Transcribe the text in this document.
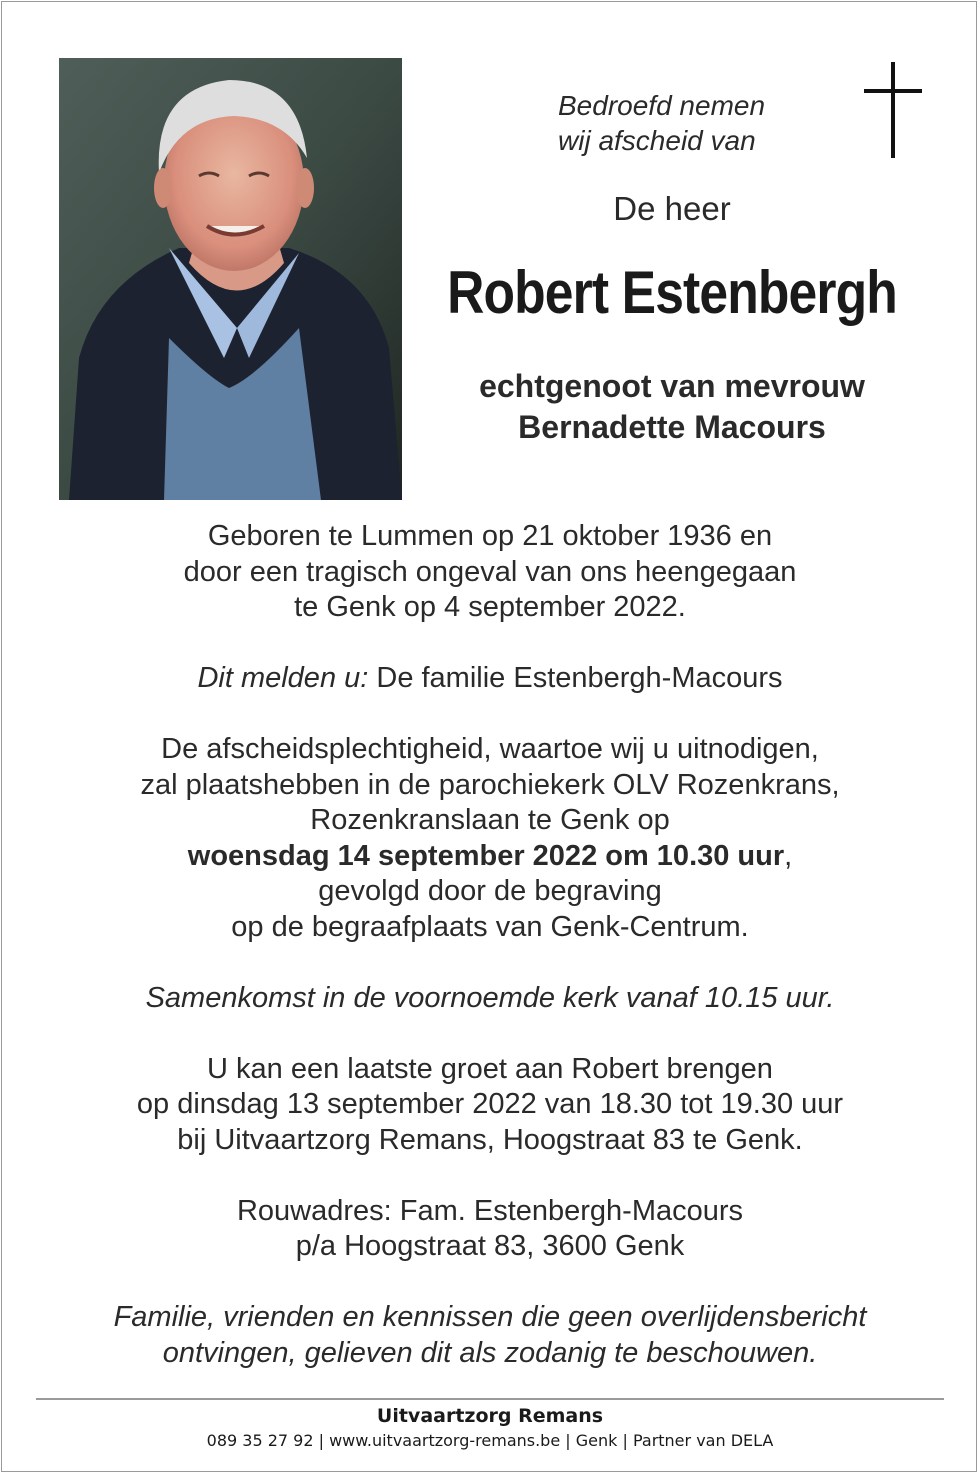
Bedroefd nemen
wij afscheid van
De heer
Robert Estenbergh
echtgenoot van mevrouw
Bernadette Macours

Geboren te Lummen op 21 oktober 1936 en

door een tragisch ongeval van ons heengegaan

te Genk op 4 september 2022.

Dit melden u: De familie Estenbergh-Macours

De afscheidsplechtigheid, waartoe wij u uitnodigen,

zal plaatshebben in de parochiekerk OLV Rozenkrans,

Rozenkranslaan te Genk op

woensdag 14 september 2022 om 10.30 uur,

gevolgd door de begraving

op de begraafplaats van Genk-Centrum.

Samenkomst in de voornoemde kerk vanaf 10.15 uur.

U kan een laatste groet aan Robert brengen

op dinsdag 13 september 2022 van 18.30 tot 19.30 uur

bij Uitvaartzorg Remans, Hoogstraat 83 te Genk.

Rouwadres: Fam. Estenbergh-Macours

p/a Hoogstraat 83, 3600 Genk

Familie, vrienden en kennissen die geen overlijdensbericht

ontvingen, gelieven dit als zodanig te beschouwen.

Uitvaartzorg Remans
089 35 27 92 | www.uitvaartzorg-remans.be | Genk | Partner van DELA
